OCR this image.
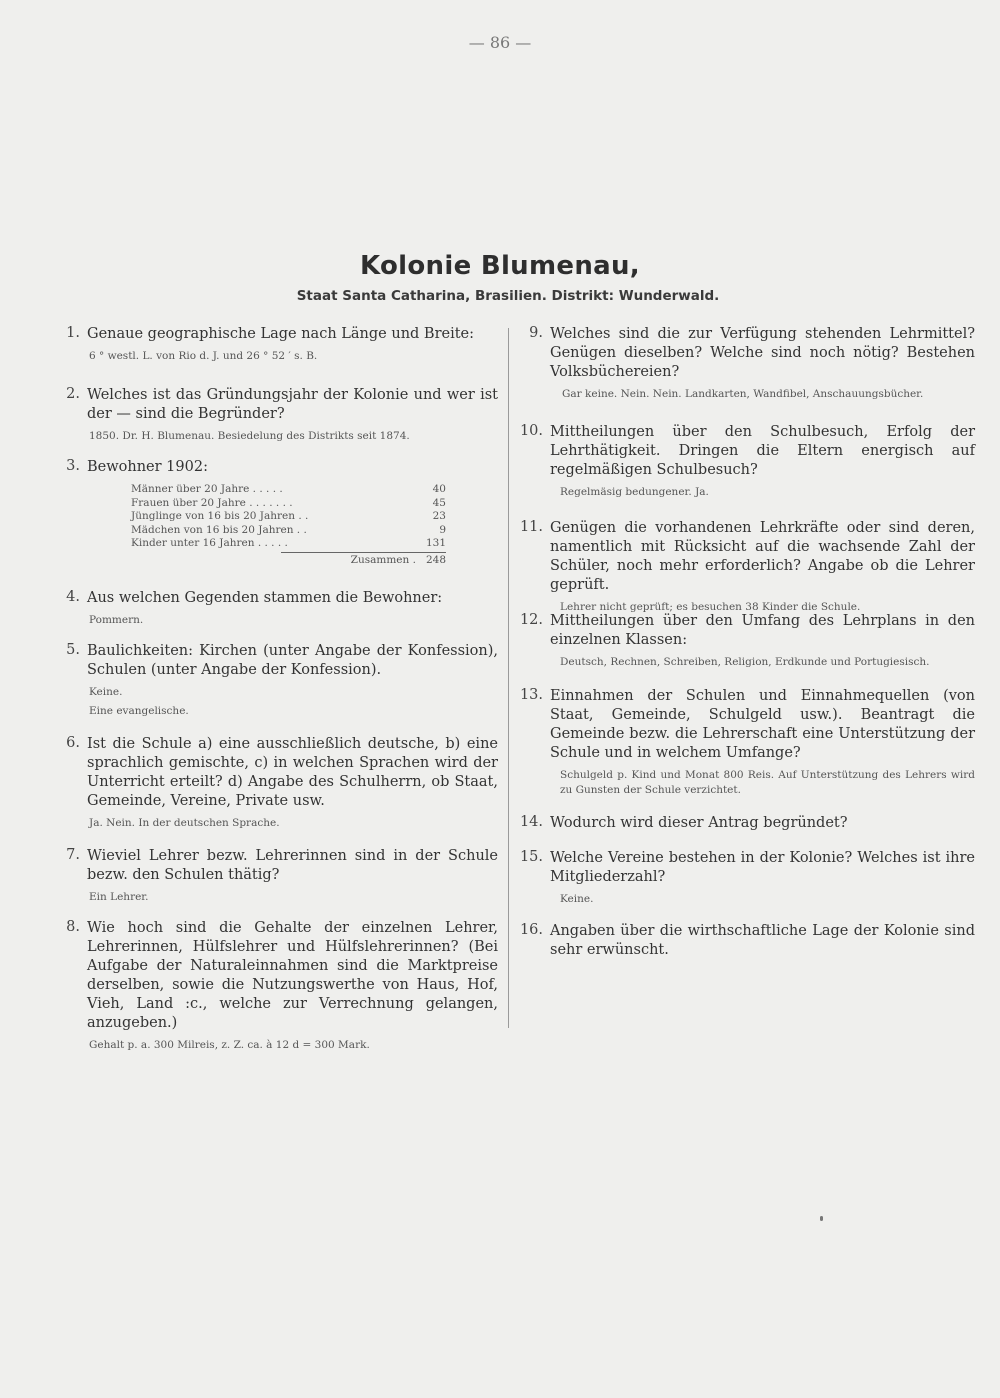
— 86 —
Kolonie Blumenau,
Staat Santa Catharina, Brasilien. Distrikt: Wunderwald.
1. Genaue geographische Lage nach Länge und Breite:

6 ° westl. L. von Rio d. J. und 26 ° 52 ′ s. B.

2. Welches ist das Gründungsjahr der Kolonie und wer ist der — sind die Begründer?

1850. Dr. H. Blumenau. Besiedelung des Distrikts seit 1874.

3. Bewohner 1902:
Männer über 20 Jahre . . . . .	40
Frauen über 20 Jahre . . . . . . .	45
Jünglinge von 16 bis 20 Jahren . .	23
Mädchen von 16 bis 20 Jahren . .	9
Kinder unter 16 Jahren . . . . .	131
Zusammen . 248
4. Aus welchen Gegenden stammen die Bewohner:

Pommern.

5. Baulichkeiten: Kirchen (unter Angabe der Konfession), Schulen (unter Angabe der Konfession).

Keine.

Eine evangelische.

6. Ist die Schule a) eine ausschließlich deutsche, b) eine sprachlich gemischte, c) in welchen Sprachen wird der Unterricht erteilt? d) Angabe des Schulherrn, ob Staat, Gemeinde, Vereine, Private usw.

Ja. Nein. In der deutschen Sprache.

7. Wieviel Lehrer bezw. Lehrerinnen sind in der Schule bezw. den Schulen thätig?

Ein Lehrer.

8. Wie hoch sind die Gehalte der einzelnen Lehrer, Lehrerinnen, Hülfslehrer und Hülfslehrerinnen? (Bei Aufgabe der Naturaleinnahmen sind die Marktpreise derselben, sowie die Nutzungswerthe von Haus, Hof, Vieh, Land :c., welche zur Verrechnung gelangen, anzugeben.)

Gehalt p. a. 300 Milreis, z. Z. ca. à 12 d = 300 Mark.

9. Welches sind die zur Verfügung stehenden Lehrmittel? Genügen dieselben? Welche sind noch nötig? Bestehen Volksbüchereien?

Gar keine. Nein. Nein. Landkarten, Wandfibel, Anschauungsbücher.

10. Mittheilungen über den Schulbesuch, Erfolg der Lehrthätigkeit. Dringen die Eltern energisch auf regelmäßigen Schulbesuch?

Regelmäsig bedungener. Ja.

11. Genügen die vorhandenen Lehrkräfte oder sind deren, namentlich mit Rücksicht auf die wachsende Zahl der Schüler, noch mehr erforderlich? Angabe ob die Lehrer geprüft.

Lehrer nicht geprüft; es besuchen 38 Kinder die Schule.

12. Mittheilungen über den Umfang des Lehrplans in den einzelnen Klassen:

Deutsch, Rechnen, Schreiben, Religion, Erdkunde und Portugiesisch.

13. Einnahmen der Schulen und Einnahmequellen (von Staat, Gemeinde, Schulgeld usw.). Beantragt die Gemeinde bezw. die Lehrerschaft eine Unterstützung der Schule und in welchem Umfange?

Schulgeld p. Kind und Monat 800 Reis. Auf Unterstützung des Lehrers wird zu Gunsten der Schule verzichtet.

14. Wodurch wird dieser Antrag begründet?
15. Welche Vereine bestehen in der Kolonie? Welches ist ihre Mitgliederzahl?

Keine.

16. Angaben über die wirthschaftliche Lage der Kolonie sind sehr erwünscht.
